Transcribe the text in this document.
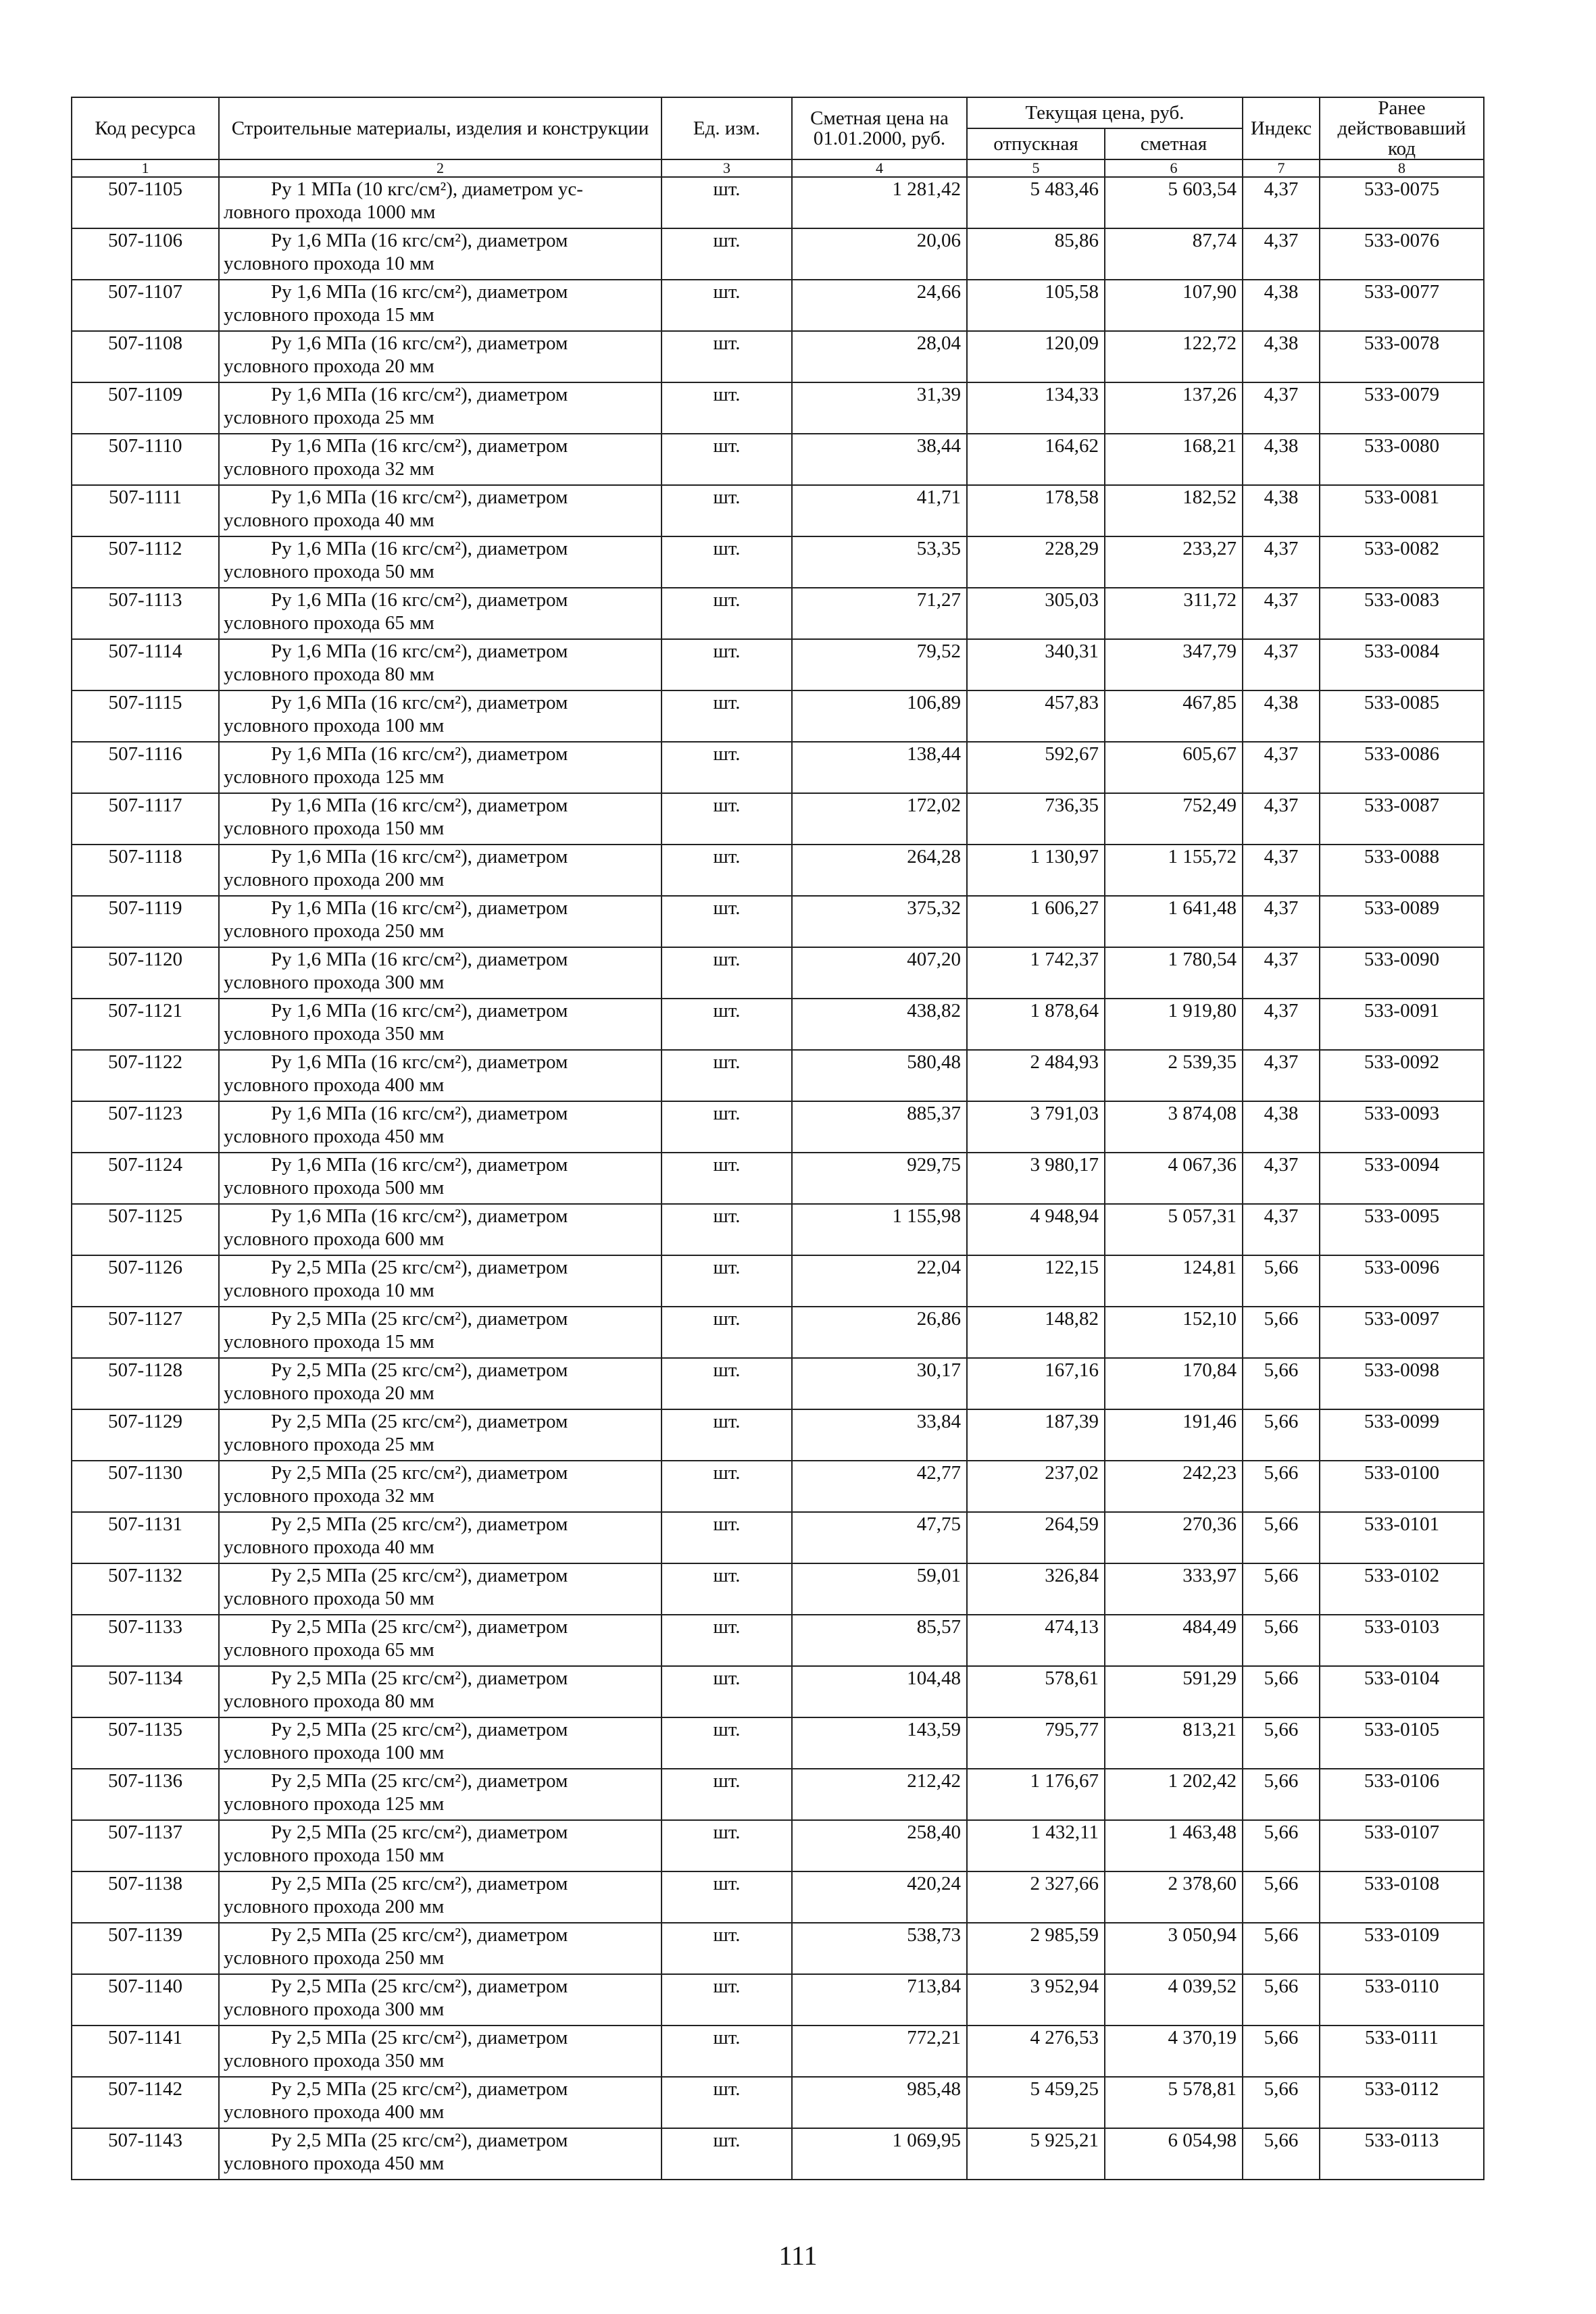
Код ресурса	Строительные материалы, изделия и конструкции	Ед. изм.	Сметная цена на 01.01.2000, руб.	Текущая цена, руб.		Индекс	Ранее действовавший код
				отпускная	сметная		
1	2	3	4	5	6	7	8
507-1105	Ру 1 МПа (10 кгс/см²), диаметром ус-
ловного прохода 1000 мм	шт.	1 281,42	5 483,46	5 603,54	4,37	533-0075
507-1106	Ру 1,6 МПа (16 кгс/см²), диаметром
условного прохода 10 мм	шт.	20,06	85,86	87,74	4,37	533-0076
507-1107	Ру 1,6 МПа (16 кгс/см²), диаметром
условного прохода 15 мм	шт.	24,66	105,58	107,90	4,38	533-0077
507-1108	Ру 1,6 МПа (16 кгс/см²), диаметром
условного прохода 20 мм	шт.	28,04	120,09	122,72	4,38	533-0078
507-1109	Ру 1,6 МПа (16 кгс/см²), диаметром
условного прохода 25 мм	шт.	31,39	134,33	137,26	4,37	533-0079
507-1110	Ру 1,6 МПа (16 кгс/см²), диаметром
условного прохода 32 мм	шт.	38,44	164,62	168,21	4,38	533-0080
507-1111	Ру 1,6 МПа (16 кгс/см²), диаметром
условного прохода 40 мм	шт.	41,71	178,58	182,52	4,38	533-0081
507-1112	Ру 1,6 МПа (16 кгс/см²), диаметром
условного прохода 50 мм	шт.	53,35	228,29	233,27	4,37	533-0082
507-1113	Ру 1,6 МПа (16 кгс/см²), диаметром
условного прохода 65 мм	шт.	71,27	305,03	311,72	4,37	533-0083
507-1114	Ру 1,6 МПа (16 кгс/см²), диаметром
условного прохода 80 мм	шт.	79,52	340,31	347,79	4,37	533-0084
507-1115	Ру 1,6 МПа (16 кгс/см²), диаметром
условного прохода 100 мм	шт.	106,89	457,83	467,85	4,38	533-0085
507-1116	Ру 1,6 МПа (16 кгс/см²), диаметром
условного прохода 125 мм	шт.	138,44	592,67	605,67	4,37	533-0086
507-1117	Ру 1,6 МПа (16 кгс/см²), диаметром
условного прохода 150 мм	шт.	172,02	736,35	752,49	4,37	533-0087
507-1118	Ру 1,6 МПа (16 кгс/см²), диаметром
условного прохода 200 мм	шт.	264,28	1 130,97	1 155,72	4,37	533-0088
507-1119	Ру 1,6 МПа (16 кгс/см²), диаметром
условного прохода 250 мм	шт.	375,32	1 606,27	1 641,48	4,37	533-0089
507-1120	Ру 1,6 МПа (16 кгс/см²), диаметром
условного прохода 300 мм	шт.	407,20	1 742,37	1 780,54	4,37	533-0090
507-1121	Ру 1,6 МПа (16 кгс/см²), диаметром
условного прохода 350 мм	шт.	438,82	1 878,64	1 919,80	4,37	533-0091
507-1122	Ру 1,6 МПа (16 кгс/см²), диаметром
условного прохода 400 мм	шт.	580,48	2 484,93	2 539,35	4,37	533-0092
507-1123	Ру 1,6 МПа (16 кгс/см²), диаметром
условного прохода 450 мм	шт.	885,37	3 791,03	3 874,08	4,38	533-0093
507-1124	Ру 1,6 МПа (16 кгс/см²), диаметром
условного прохода 500 мм	шт.	929,75	3 980,17	4 067,36	4,37	533-0094
507-1125	Ру 1,6 МПа (16 кгс/см²), диаметром
условного прохода 600 мм	шт.	1 155,98	4 948,94	5 057,31	4,37	533-0095
507-1126	Ру 2,5 МПа (25 кгс/см²), диаметром
условного прохода 10 мм	шт.	22,04	122,15	124,81	5,66	533-0096
507-1127	Ру 2,5 МПа (25 кгс/см²), диаметром
условного прохода 15 мм	шт.	26,86	148,82	152,10	5,66	533-0097
507-1128	Ру 2,5 МПа (25 кгс/см²), диаметром
условного прохода 20 мм	шт.	30,17	167,16	170,84	5,66	533-0098
507-1129	Ру 2,5 МПа (25 кгс/см²), диаметром
условного прохода 25 мм	шт.	33,84	187,39	191,46	5,66	533-0099
507-1130	Ру 2,5 МПа (25 кгс/см²), диаметром
условного прохода 32 мм	шт.	42,77	237,02	242,23	5,66	533-0100
507-1131	Ру 2,5 МПа (25 кгс/см²), диаметром
условного прохода 40 мм	шт.	47,75	264,59	270,36	5,66	533-0101
507-1132	Ру 2,5 МПа (25 кгс/см²), диаметром
условного прохода 50 мм	шт.	59,01	326,84	333,97	5,66	533-0102
507-1133	Ру 2,5 МПа (25 кгс/см²), диаметром
условного прохода 65 мм	шт.	85,57	474,13	484,49	5,66	533-0103
507-1134	Ру 2,5 МПа (25 кгс/см²), диаметром
условного прохода 80 мм	шт.	104,48	578,61	591,29	5,66	533-0104
507-1135	Ру 2,5 МПа (25 кгс/см²), диаметром
условного прохода 100 мм	шт.	143,59	795,77	813,21	5,66	533-0105
507-1136	Ру 2,5 МПа (25 кгс/см²), диаметром
условного прохода 125 мм	шт.	212,42	1 176,67	1 202,42	5,66	533-0106
507-1137	Ру 2,5 МПа (25 кгс/см²), диаметром
условного прохода 150 мм	шт.	258,40	1 432,11	1 463,48	5,66	533-0107
507-1138	Ру 2,5 МПа (25 кгс/см²), диаметром
условного прохода 200 мм	шт.	420,24	2 327,66	2 378,60	5,66	533-0108
507-1139	Ру 2,5 МПа (25 кгс/см²), диаметром
условного прохода 250 мм	шт.	538,73	2 985,59	3 050,94	5,66	533-0109
507-1140	Ру 2,5 МПа (25 кгс/см²), диаметром
условного прохода 300 мм	шт.	713,84	3 952,94	4 039,52	5,66	533-0110
507-1141	Ру 2,5 МПа (25 кгс/см²), диаметром
условного прохода 350 мм	шт.	772,21	4 276,53	4 370,19	5,66	533-0111
507-1142	Ру 2,5 МПа (25 кгс/см²), диаметром
условного прохода 400 мм	шт.	985,48	5 459,25	5 578,81	5,66	533-0112
507-1143	Ру 2,5 МПа (25 кгс/см²), диаметром
условного прохода 450 мм	шт.	1 069,95	5 925,21	6 054,98	5,66	533-0113
111
